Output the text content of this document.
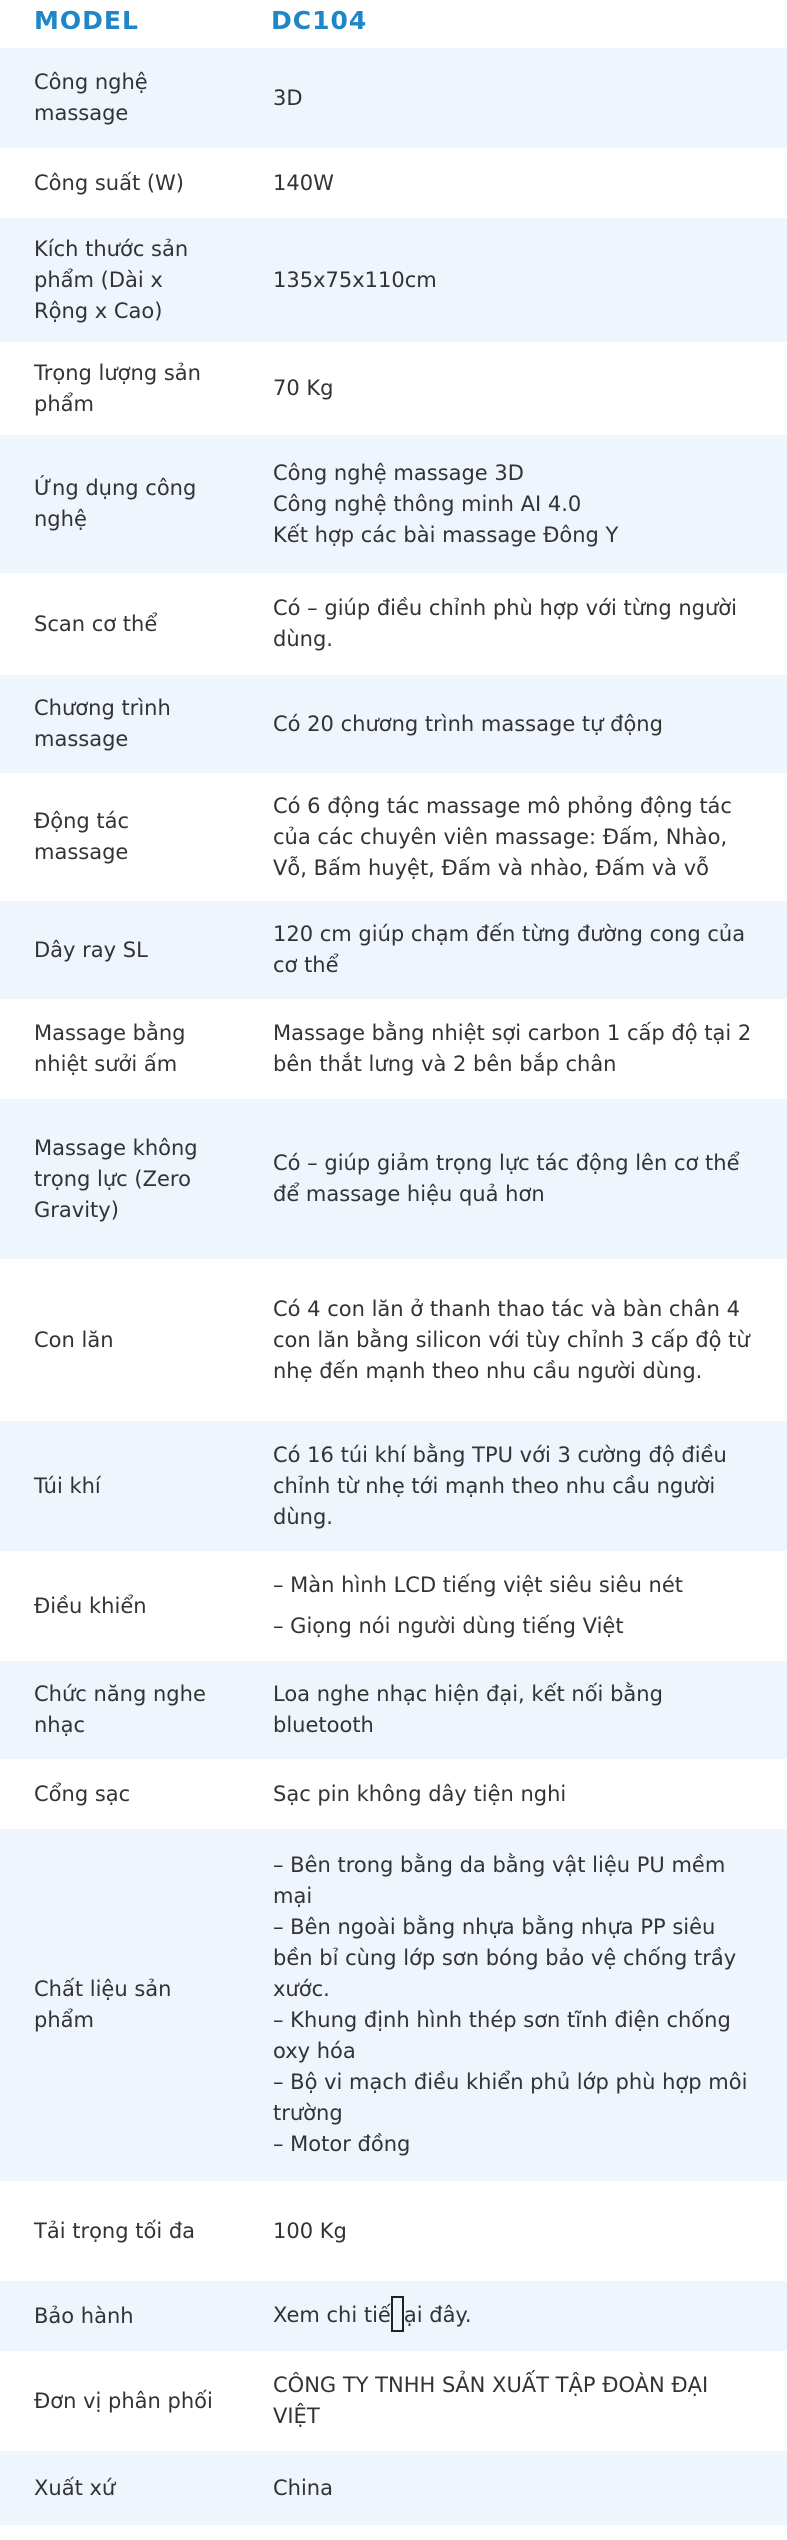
MODEL	DC104
Công nghệ massage	3D
Công suất (W)	140W
Kích thước sản phẩm (Dài x Rộng x Cao)	135x75x110cm
Trọng lượng sản phẩm	70 Kg
Ứng dụng công nghệ	Công nghệ massage 3D
Công nghệ thông minh AI 4.0
Kết hợp các bài massage Đông Y

Scan cơ thể	Có – giúp điều chỉnh phù hợp với từng người dùng.
Chương trình massage	Có 20 chương trình massage tự động
Động tác massage	Có 6 động tác massage mô phỏng động tác của các chuyên viên massage: Đấm, Nhào, Vỗ, Bấm huyệt, Đấm và nhào, Đấm và vỗ
Dây ray SL	120 cm giúp chạm đến từng đường cong của cơ thể
Massage bằng nhiệt sưởi ấm	Massage bằng nhiệt sợi carbon 1 cấp độ tại 2 bên thắt lưng và 2 bên bắp chân
Massage không trọng lực (Zero Gravity)	Có – giúp giảm trọng lực tác động lên cơ thể để massage hiệu quả hơn
Con lăn	Có 4 con lăn ở thanh thao tác và bàn chân 4 con lăn bằng silicon với tùy chỉnh 3 cấp độ từ nhẹ đến mạnh theo nhu cầu người dùng.
Túi khí	Có 16 túi khí bằng TPU với 3 cường độ điều chỉnh từ nhẹ tới mạnh theo nhu cầu người dùng.
Điều khiển	– Màn hình LCD tiếng việt siêu siêu nét
– Giọng nói người dùng tiếng Việt

Chức năng nghe nhạc	Loa nghe nhạc hiện đại, kết nối bằng bluetooth
Cổng sạc	Sạc pin không dây tiện nghi
Chất liệu sản phẩm	– Bên trong bằng da bằng vật liệu PU mềm mại
– Bên ngoài bằng nhựa bằng nhựa PP siêu bền bỉ cùng lớp sơn bóng bảo vệ chống trầy xước.
– Khung định hình thép sơn tĩnh điện chống oxy hóa
– Bộ vi mạch điều khiển phủ lớp phù hợp môi trường
– Motor đồng

Tải trọng tối đa	100 Kg
Bảo hành	Xem chi tiế ại đây.
Đơn vị phân phối	CÔNG TY TNHH SẢN XUẤT TẬP ĐOÀN ĐẠI VIỆT
Xuất xứ	China
